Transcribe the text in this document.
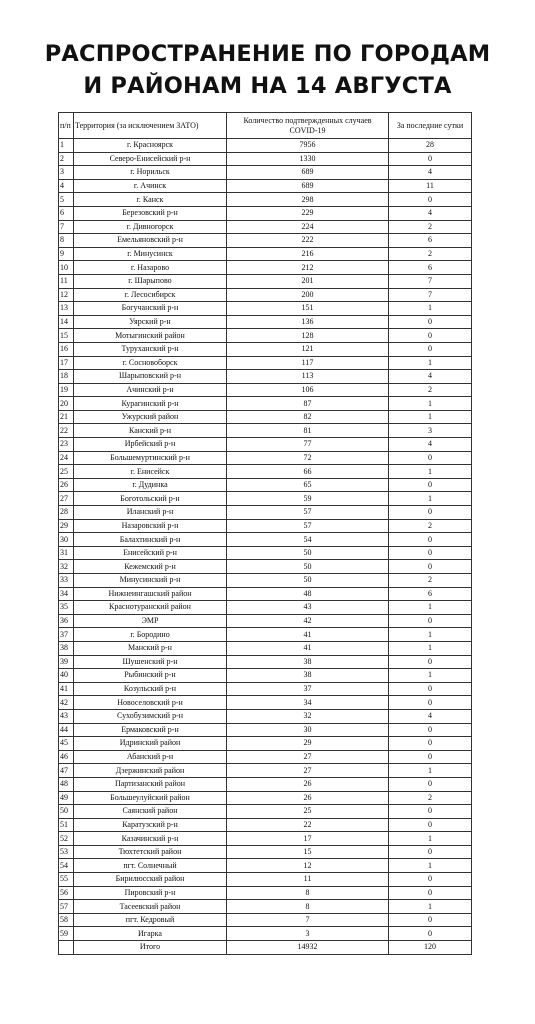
РАСПРОСТРАНЕНИЕ ПО ГОРОДАМ
И РАЙОНАМ НА 14 АВГУСТА
п/п	Территория (за исключением ЗАТО)	Количество подтвержденных случаев COVID-19	За последние сутки
1	г. Красноярск	7956	28
2	Северо-Енисейский р-н	1330	0
3	г. Норильск	689	4
4	г. Ачинск	689	11
5	г. Канск	298	0
6	Березовский р-н	229	4
7	г. Дивногорск	224	2
8	Емельяновский р-н	222	6
9	г. Минусинск	216	2
10	г. Назарово	212	6
11	г. Шарыпово	201	7
12	г. Лесосибирск	200	7
13	Богучанский р-н	151	1
14	Уярский р-н	136	0
15	Мотыгинский район	128	0
16	Туруханский р-н	121	0
17	г. Сосновоборск	117	1
18	Шарыповский р-н	113	4
19	Ачинский р-н	106	2
20	Курагинский р-н	87	1
21	Ужурский район	82	1
22	Канский р-н	81	3
23	Ирбейский р-н	77	4
24	Большемуртинский р-н	72	0
25	г. Енисейск	66	1
26	г. Дудинка	65	0
27	Боготольский р-н	59	1
28	Иланский р-н	57	0
29	Назаровский р-н	57	2
30	Балахтинский р-н	54	0
31	Енисейский р-н	50	0
32	Кежемский р-н	50	0
33	Минусинский р-н	50	2
34	Нижнеингашский район	48	6
35	Краснотуранский район	43	1
36	ЭМР	42	0
37	г. Бородино	41	1
38	Манский р-н	41	1
39	Шушенский р-н	38	0
40	Рыбинский р-н	38	1
41	Козульский р-н	37	0
42	Новоселовский р-н	34	0
43	Сухобузимский р-н	32	4
44	Ермаковский р-н	30	0
45	Идринский район	29	0
46	Абанский р-н	27	0
47	Дзержинский район	27	1
48	Партизанский район	26	0
49	Большеулуйский район	26	2
50	Саянский район	25	0
51	Каратузский р-н	22	0
52	Казачинский р-н	17	1
53	Тюхтетский район	15	0
54	пгт. Солнечный	12	1
55	Бирилюсский район	11	0
56	Пировский р-н	8	0
57	Тасеевский район	8	1
58	пгт. Кедровый	7	0
59	Игарка	3	0
	Итого	14932	120
